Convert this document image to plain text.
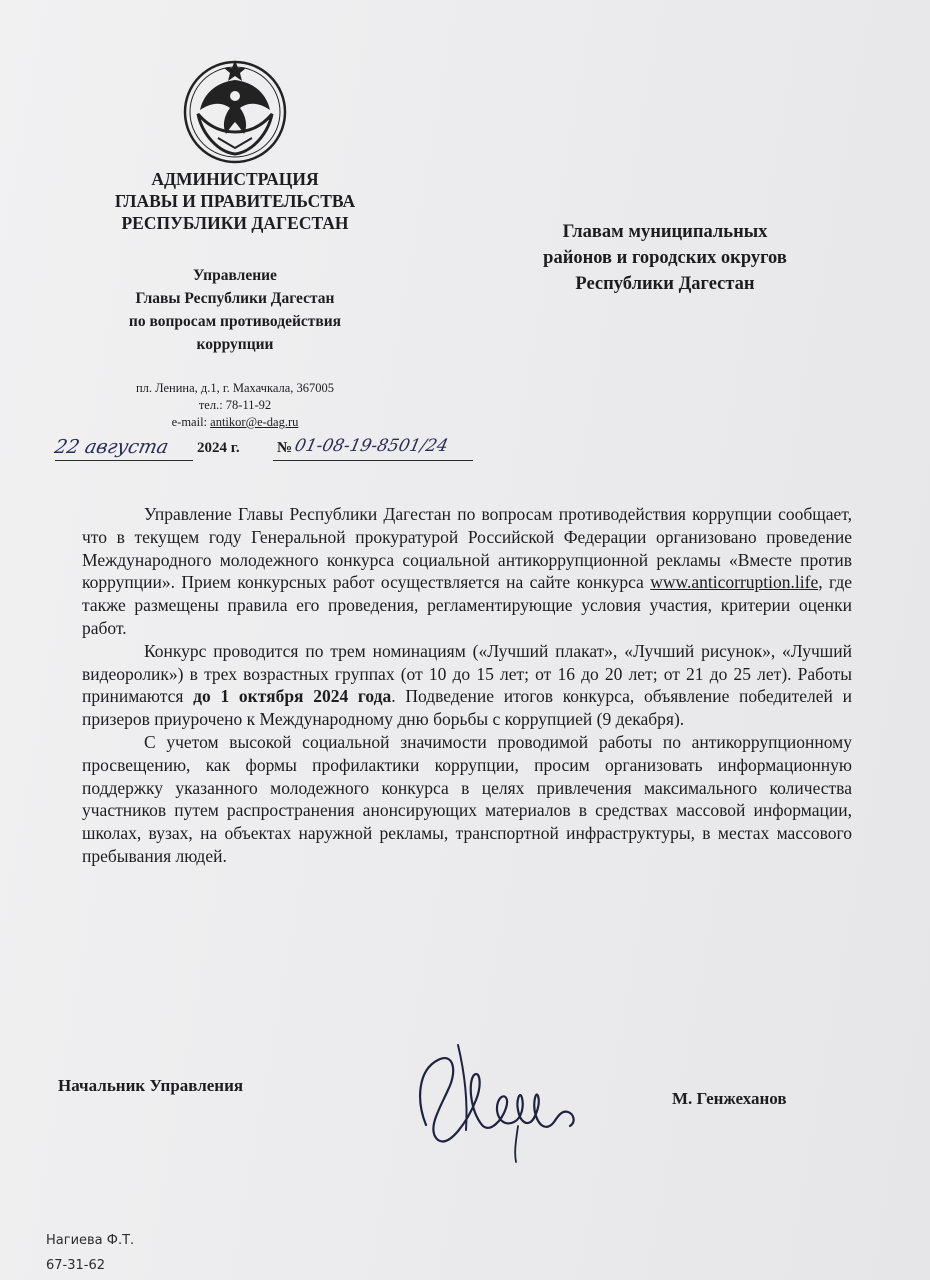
АДМИНИСТРАЦИЯ
ГЛАВЫ И ПРАВИТЕЛЬСТВА
РЕСПУБЛИКИ ДАГЕСТАН
Управление
Главы Республики Дагестан
по вопросам противодействия
коррупции
пл. Ленина, д.1, г. Махачкала, 367005
тел.: 78-11-92
e-mail: antikor@e-dag.ru
Главам муниципальных
районов и городских округов
Республики Дагестан
22 августа 2024 г. № 01-08-19-8501/24

Управление Главы Республики Дагестан по вопросам противодействия коррупции сообщает, что в текущем году Генеральной прокуратурой Российской Федерации организовано проведение Международного молодежного конкурса социальной антикоррупционной рекламы «Вместе против коррупции». Прием конкурсных работ осуществляется на сайте конкурса www.anticorruption.life, где также размещены правила его проведения, регламентирующие условия участия, критерии оценки работ.

Конкурс проводится по трем номинациям («Лучший плакат», «Лучший рисунок», «Лучший видеоролик») в трех возрастных группах (от 10 до 15 лет; от 16 до 20 лет; от 21 до 25 лет). Работы принимаются до 1 октября 2024 года. Подведение итогов конкурса, объявление победителей и призеров приурочено к Международному дню борьбы с коррупцией (9 декабря).

С учетом высокой социальной значимости проводимой работы по антикоррупционному просвещению, как формы профилактики коррупции, просим организовать информационную поддержку указанного молодежного конкурса в целях привлечения максимального количества участников путем распространения анонсирующих материалов в средствах массовой информации, школах, вузах, на объектах наружной рекламы, транспортной инфраструктуры, в местах массового пребывания людей.

Начальник Управления
М. Генжеханов
Нагиева Ф.Т.
67-31-62
